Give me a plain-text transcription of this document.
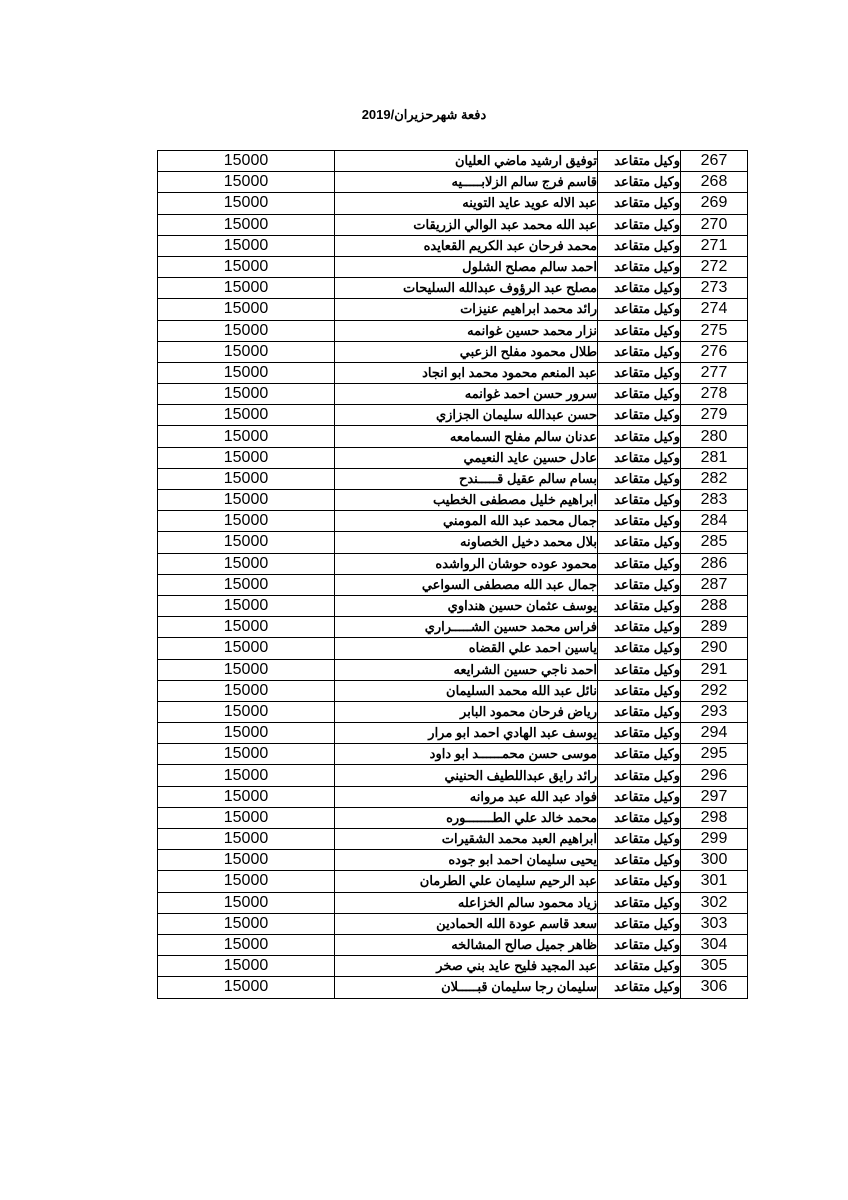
دفعة شهرحزيران/2019
267	وكيل متقاعد	توفيق ارشيد ماضي العليان	15000
268	وكيل متقاعد	قاسم فرج سالم الزلابـــــيه	15000
269	وكيل متقاعد	عبد الاله عويد عايد التوينه	15000
270	وكيل متقاعد	عبد الله محمد عبد الوالي الزريقات	15000
271	وكيل متقاعد	محمد فرحان عبد الكريم القعايده	15000
272	وكيل متقاعد	احمد سالم مصلح الشلول	15000
273	وكيل متقاعد	مصلح عبد الرؤوف عبدالله السليحات	15000
274	وكيل متقاعد	رائد محمد ابراهيم عنيزات	15000
275	وكيل متقاعد	نزار محمد حسين غوانمه	15000
276	وكيل متقاعد	طلال محمود مفلح الزعبي	15000
277	وكيل متقاعد	عبد المنعم محمود محمد ابو انجاد	15000
278	وكيل متقاعد	سرور حسن احمد غوانمه	15000
279	وكيل متقاعد	حسن عبدالله سليمان الجزازي	15000
280	وكيل متقاعد	عدنان سالم مفلح السمامعه	15000
281	وكيل متقاعد	عادل حسين عايد النعيمي	15000
282	وكيل متقاعد	بسام سالم عقيل قـــــندح	15000
283	وكيل متقاعد	ابراهيم خليل مصطفى الخطيب	15000
284	وكيل متقاعد	جمال محمد عبد الله المومني	15000
285	وكيل متقاعد	بلال محمد دخيل الخصاونه	15000
286	وكيل متقاعد	محمود عوده حوشان الرواشده	15000
287	وكيل متقاعد	جمال عبد الله مصطفى السواعي	15000
288	وكيل متقاعد	يوسف عثمان حسين هنداوي	15000
289	وكيل متقاعد	فراس محمد حسين الشـــــراري	15000
290	وكيل متقاعد	ياسين احمد علي القضاه	15000
291	وكيل متقاعد	احمد ناجي حسين الشرايعه	15000
292	وكيل متقاعد	نائل عبد الله محمد السليمان	15000
293	وكيل متقاعد	رياض فرحان محمود البابر	15000
294	وكيل متقاعد	يوسف عبد الهادي احمد ابو مرار	15000
295	وكيل متقاعد	موسى حسن محمــــــد ابو داود	15000
296	وكيل متقاعد	رائد رايق عبداللطيف الحنيني	15000
297	وكيل متقاعد	فواد عبد الله عبد مروانه	15000
298	وكيل متقاعد	محمد خالد علي الطـــــــوره	15000
299	وكيل متقاعد	ابراهيم العبد محمد الشقيرات	15000
300	وكيل متقاعد	يحيى سليمان احمد ابو جوده	15000
301	وكيل متقاعد	عبد الرحيم سليمان علي الطرمان	15000
302	وكيل متقاعد	زياد محمود سالم الخزاعله	15000
303	وكيل متقاعد	سعد قاسم عودة الله الحمادين	15000
304	وكيل متقاعد	ظاهر جميل صالح المشالخه	15000
305	وكيل متقاعد	عبد المجيد فليح عايد بني صخر	15000
306	وكيل متقاعد	سليمان رجا سليمان قبـــــلان	15000
